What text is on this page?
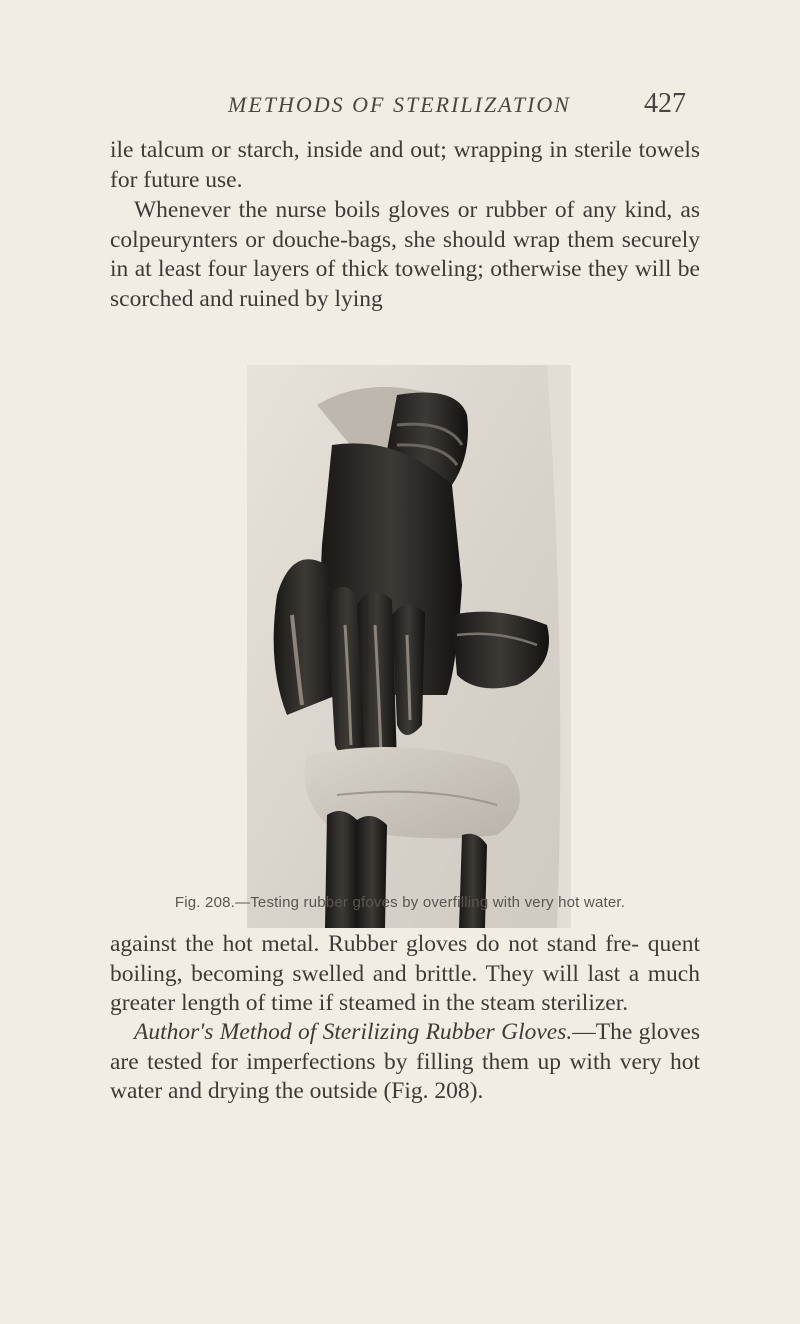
METHODS OF STERILIZATION	427

ile talcum or starch, inside and out; wrapping in sterile towels for future use.

Whenever the nurse boils gloves or rubber of any kind, as colpeurynters or douche-bags, she should wrap them securely in at least four layers of thick toweling; otherwise they will be scorched and ruined by lying

Fig. 208.—Testing rubber gfoves by overfilling with very hot water.

against the hot metal. Rubber gloves do not stand fre- quent boiling, becoming swelled and brittle. They will last a much greater length of time if steamed in the steam sterilizer.

Author's Method of Sterilizing Rubber Gloves.—The gloves are tested for imperfections by filling them up with very hot water and drying the outside (Fig. 208).
